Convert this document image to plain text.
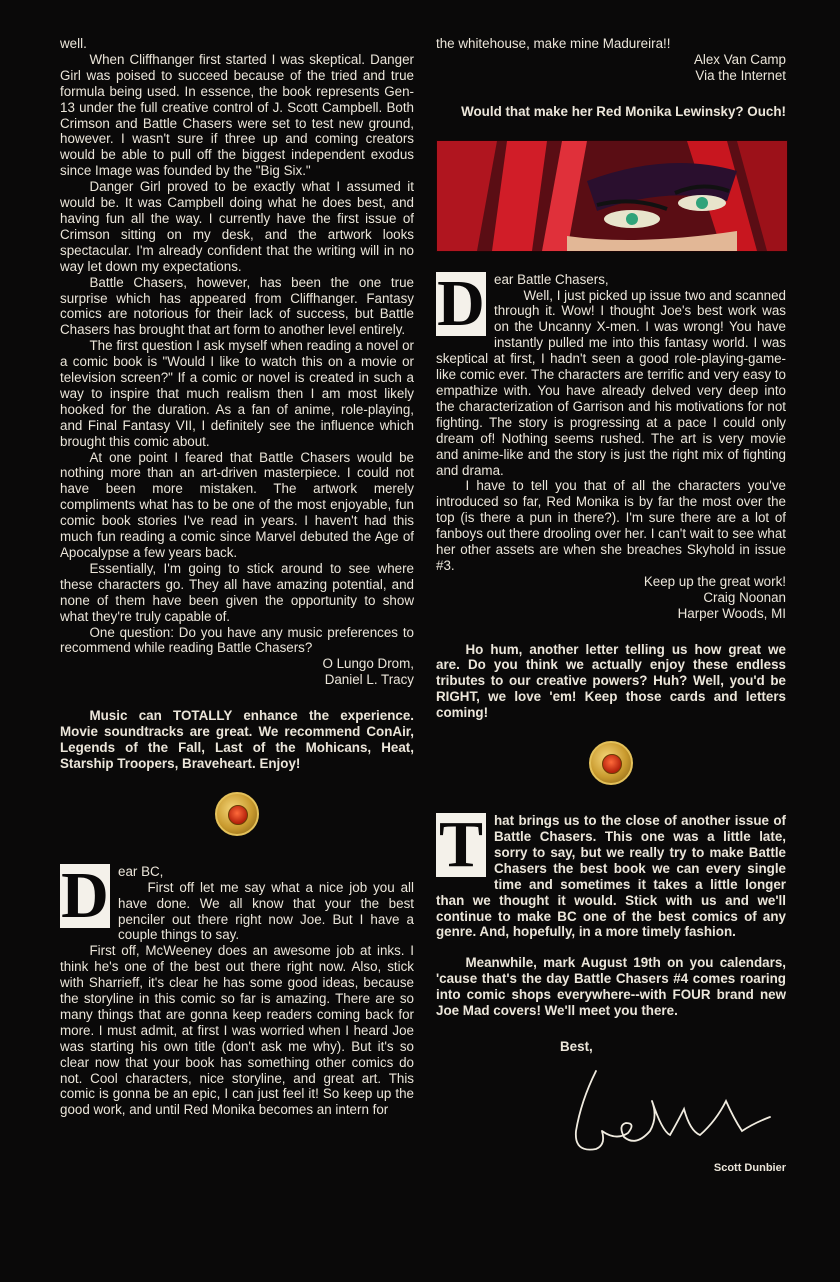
well.

When Cliffhanger first started I was skeptical. Danger Girl was poised to succeed because of the tried and true formula being used. In essence, the book represents Gen-13 under the full creative control of J. Scott Campbell. Both Crimson and Battle Chasers were set to test new ground, however. I wasn't sure if three up and coming creators would be able to pull off the biggest independent exodus since Image was founded by the "Big Six."

Danger Girl proved to be exactly what I assumed it would be. It was Campbell doing what he does best, and having fun all the way. I currently have the first issue of Crimson sitting on my desk, and the artwork looks spectacular. I'm already confident that the writing will in no way let down my expectations.

Battle Chasers, however, has been the one true surprise which has appeared from Cliffhanger. Fantasy comics are notorious for their lack of success, but Battle Chasers has brought that art form to another level entirely.

The first question I ask myself when reading a novel or a comic book is "Would I like to watch this on a movie or television screen?" If a comic or novel is created in such a way to inspire that much realism then I am most likely hooked for the duration. As a fan of anime, role-playing, and Final Fantasy VII, I definitely see the influence which brought this comic about.

At one point I feared that Battle Chasers would be nothing more than an art-driven masterpiece. I could not have been more mistaken. The artwork merely compliments what has to be one of the most enjoyable, fun comic book stories I've read in years. I haven't had this much fun reading a comic since Marvel debuted the Age of Apocalypse a few years back.

Essentially, I'm going to stick around to see where these characters go. They all have amazing potential, and none of them have been given the opportunity to show what they're truly capable of.

One question: Do you have any music preferences to recommend while reading Battle Chasers?

O Lungo Drom,

Daniel L. Tracy

Music can TOTALLY enhance the experience. Movie soundtracks are great. We recommend ConAir, Legends of the Fall, Last of the Mohicans, Heat, Starship Troopers, Braveheart. Enjoy!

D ear BC,

First off let me say what a nice job you all have done. We all know that your the best penciler out there right now Joe. But I have a couple things to say.

First off, McWeeney does an awesome job at inks. I think he's one of the best out there right now. Also, stick with Sharrieff, it's clear he has some good ideas, because the storyline in this comic so far is amazing. There are so many things that are gonna keep readers coming back for more. I must admit, at first I was worried when I heard Joe was starting his own title (don't ask me why). But it's so clear now that your book has something other comics do not. Cool characters, nice storyline, and great art. This comic is gonna be an epic, I can just feel it! So keep up the good work, and until Red Monika becomes an intern for

the whitehouse, make mine Madureira!!

Alex Van Camp

Via the Internet

Would that make her Red Monika Lewinsky? Ouch!

D ear Battle Chasers,

Well, I just picked up issue two and scanned through it. Wow! I thought Joe's best work was on the Uncanny X-men. I was wrong! You have instantly pulled me into this fantasy world. I was skeptical at first, I hadn't seen a good role-playing-game-like comic ever. The characters are terrific and very easy to empathize with. You have already delved very deep into the characterization of Garrison and his motivations for not fighting. The story is progressing at a pace I could only dream of! Nothing seems rushed. The art is very movie and anime-like and the story is just the right mix of fighting and drama.

I have to tell you that of all the characters you've introduced so far, Red Monika is by far the most over the top (is there a pun in there?). I'm sure there are a lot of fanboys out there drooling over her. I can't wait to see what her other assets are when she breaches Skyhold in issue #3.

Keep up the great work!

Craig Noonan

Harper Woods, MI

Ho hum, another letter telling us how great we are. Do you think we actually enjoy these endless tributes to our creative powers? Huh? Well, you'd be RIGHT, we love 'em! Keep those cards and letters coming!

T hat brings us to the close of another issue of Battle Chasers. This one was a little late, sorry to say, but we really try to make Battle Chasers the best book we can every single time and sometimes it takes a little longer than we thought it would. Stick with us and we'll continue to make BC one of the best comics of any genre. And, hopefully, in a more timely fashion.

Meanwhile, mark August 19th on you calendars, 'cause that's the day Battle Chasers #4 comes roaring into comic shops everywhere--with FOUR brand new Joe Mad covers! We'll meet you there.

Best,

Scott Dunbier
